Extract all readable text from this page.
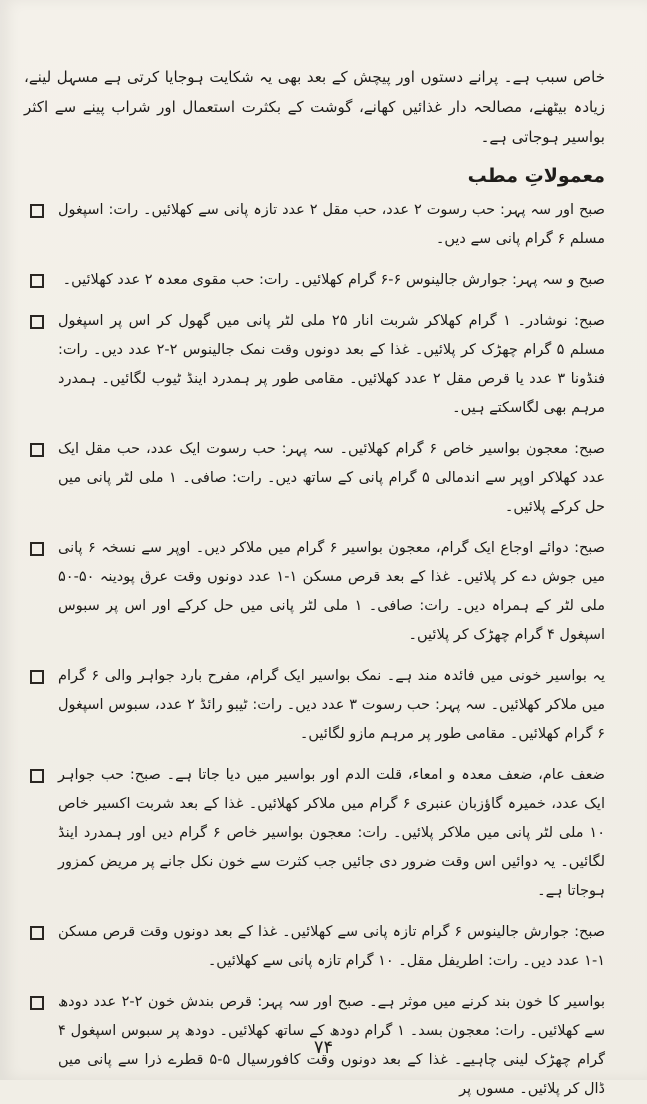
خاص سبب ہے۔ پرانے دستوں اور پیچش کے بعد بھی یہ شکایت ہوجایا کرتی ہے مسہل لینے، زیادہ بیٹھنے، مصالحہ دار غذائیں کھانے، گوشت کے بکثرت استعمال اور شراب پینے سے اکثر بواسیر ہوجاتی ہے۔

معمولاتِ مطب
صبح اور سہ پہر: حب رسوت ۲ عدد، حب مقل ۲ عدد تازہ پانی سے کھلائیں۔ رات: اسپغول مسلم ۶ گرام پانی سے دیں۔
صبح و سہ پہر: جوارش جالینوس ۶-۶ گرام کھلائیں۔ رات: حب مقوی معدہ ۲ عدد کھلائیں۔
صبح: نوشادر۔ ۱ گرام کھلاکر شربت انار ۲۵ ملی لٹر پانی میں گھول کر اس پر اسپغول مسلم ۵ گرام چھڑک کر پلائیں۔ غذا کے بعد دونوں وقت نمک جالینوس ۲-۲ عدد دیں۔ رات: فنڈونا ۳ عدد یا قرص مقل ۲ عدد کھلائیں۔ مقامی طور پر ہمدرد اینڈ ٹیوب لگائیں۔ ہمدرد مرہم بھی لگاسکتے ہیں۔
صبح: معجون بواسیر خاص ۶ گرام کھلائیں۔ سہ پہر: حب رسوت ایک عدد، حب مقل ایک عدد کھلاکر اوپر سے اندمالی ۵ گرام پانی کے ساتھ دیں۔ رات: صافی۔ ۱ ملی لٹر پانی میں حل کرکے پلائیں۔
صبح: دوائے اوجاع ایک گرام، معجون بواسیر ۶ گرام میں ملاکر دیں۔ اوپر سے نسخہ ۶ پانی میں جوش دے کر پلائیں۔ غذا کے بعد قرص مسکن ۱-۱ عدد دونوں وقت عرق پودینہ ۵۰-۵۰ ملی لٹر کے ہمراہ دیں۔ رات: صافی۔ ۱ ملی لٹر پانی میں حل کرکے اور اس پر سبوس اسپغول ۴ گرام چھڑک کر پلائیں۔
یہ بواسیر خونی میں فائدہ مند ہے۔ نمک بواسیر ایک گرام، مفرح بارد جواہر والی ۶ گرام میں ملاکر کھلائیں۔ سہ پہر: حب رسوت ۳ عدد دیں۔ رات: ٹیبو رائڈ ۲ عدد، سبوس اسپغول ۶ گرام کھلائیں۔ مقامی طور پر مرہم مازو لگائیں۔
ضعف عام، ضعف معدہ و امعاء، قلت الدم اور بواسیر میں دیا جاتا ہے۔ صبح: حب جواہر ایک عدد، خمیرہ گاؤزبان عنبری ۶ گرام میں ملاکر کھلائیں۔ غذا کے بعد شربت اکسیر خاص ۱۰ ملی لٹر پانی میں ملاکر پلائیں۔ رات: معجون بواسیر خاص ۶ گرام دیں اور ہمدرد اینڈ لگائیں۔ یہ دوائیں اس وقت ضرور دی جائیں جب کثرت سے خون نکل جانے پر مریض کمزور ہوجاتا ہے۔
صبح: جوارش جالینوس ۶ گرام تازہ پانی سے کھلائیں۔ غذا کے بعد دونوں وقت قرص مسکن ۱-۱ عدد دیں۔ رات: اطریفل مقل۔ ۱۰ گرام تازہ پانی سے کھلائیں۔
بواسیر کا خون بند کرنے میں موثر ہے۔ صبح اور سہ پہر: قرص بندش خون ۲-۲ عدد دودھ سے کھلائیں۔ رات: معجون بسد۔ ۱ گرام دودھ کے ساتھ کھلائیں۔ دودھ پر سبوس اسپغول ۴ گرام چھڑک لینی چاہیے۔ غذا کے بعد دونوں وقت کافورسیال ۵-۵ قطرے ذرا سے پانی میں ڈال کر پلائیں۔ مسوں پر
۷۴
